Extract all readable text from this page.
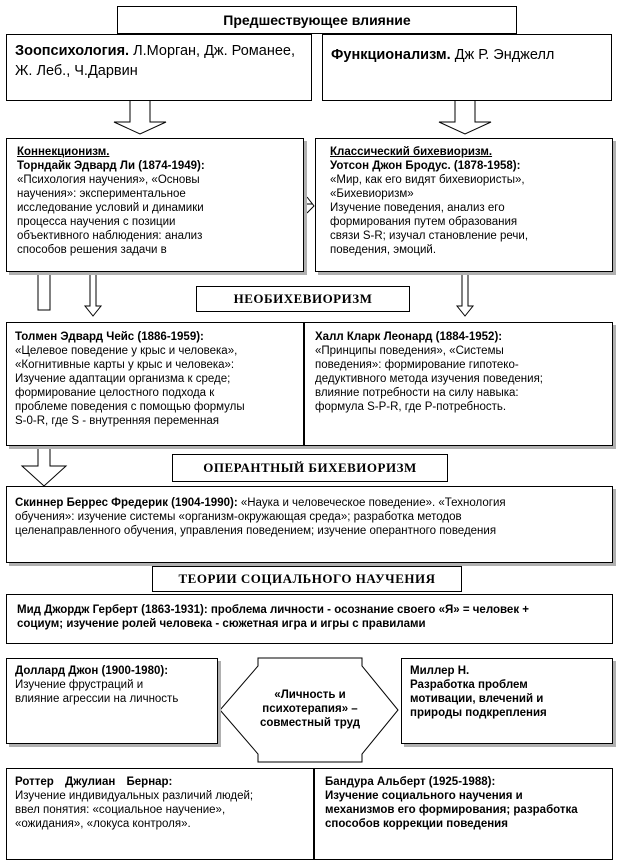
Предшествующее влияние
Зоопсихология. Л.Морган, Дж. Романее, Ж. Леб., Ч.Дарвин
Функционализм. Дж Р. Энджелл
Коннекционизм.
Торндайк Эдвард Ли (1874-1949):
«Психология научения», «Основы
научения»: экспериментальное
исследование условий и динамики
процесса научения с позиции
объективного наблюдения: анализ
способов решения задачи в
Классический бихевиоризм.
Уотсон Джон Бродус. (1878-1958):
«Мир, как его видят бихевиористы»,
«Бихевиоризм»
Изучение поведения, анализ его
формирования путем образования
связи S-R; изучал становление речи,
поведения, эмоций.
НЕОБИХЕВИОРИЗМ
Толмен Эдвард Чейс (1886-1959):
«Целевое поведение у крыс и человека»,
«Когнитивные карты у крыс и человека»:
Изучение адаптации организма к среде;
формирование целостного подхода к
проблеме поведения с помощью формулы
S-0-R, где S - внутренняя переменная
Халл Кларк Леонард (1884-1952):
«Принципы поведения», «Системы
поведения»: формирование гипотеко-
дедуктивного метода изучения поведения;
влияние потребности на силу навыка:
формула S-P-R, где Р-потребность.
ОПЕРАНТНЫЙ БИХЕВИОРИЗМ
Скиннер Беррес Фредерик (1904-1990): «Наука и человеческое поведение». «Технология
обучения»: изучение системы «организм-окружающая среда»; разработка методов
целенаправленного обучения, управления поведением; изучение оперантного поведения
ТЕОРИИ СОЦИАЛЬНОГО НАУЧЕНИЯ
Мид Джордж Герберт (1863-1931): проблема личности - осознание своего «Я» = человек +
социум; изучение ролей человека - сюжетная игра и игры с правилами
Доллард Джон (1900-1980):
Изучение фрустраций и
влияние агрессии на личность	«Личность и
психотерапия» –
совместный труд
Миллер Н.
Разработка проблем
мотивации, влечений и
природы подкрепления
Роттер Джулиан Бернар:
Изучение индивидуальных различий людей;
ввел понятия: «социальное научение»,
«ожидания», «локуса контроля».
Бандура Альберт (1925-1988):
Изучение социального научения и
механизмов его формирования; разработка
способов коррекции поведения
